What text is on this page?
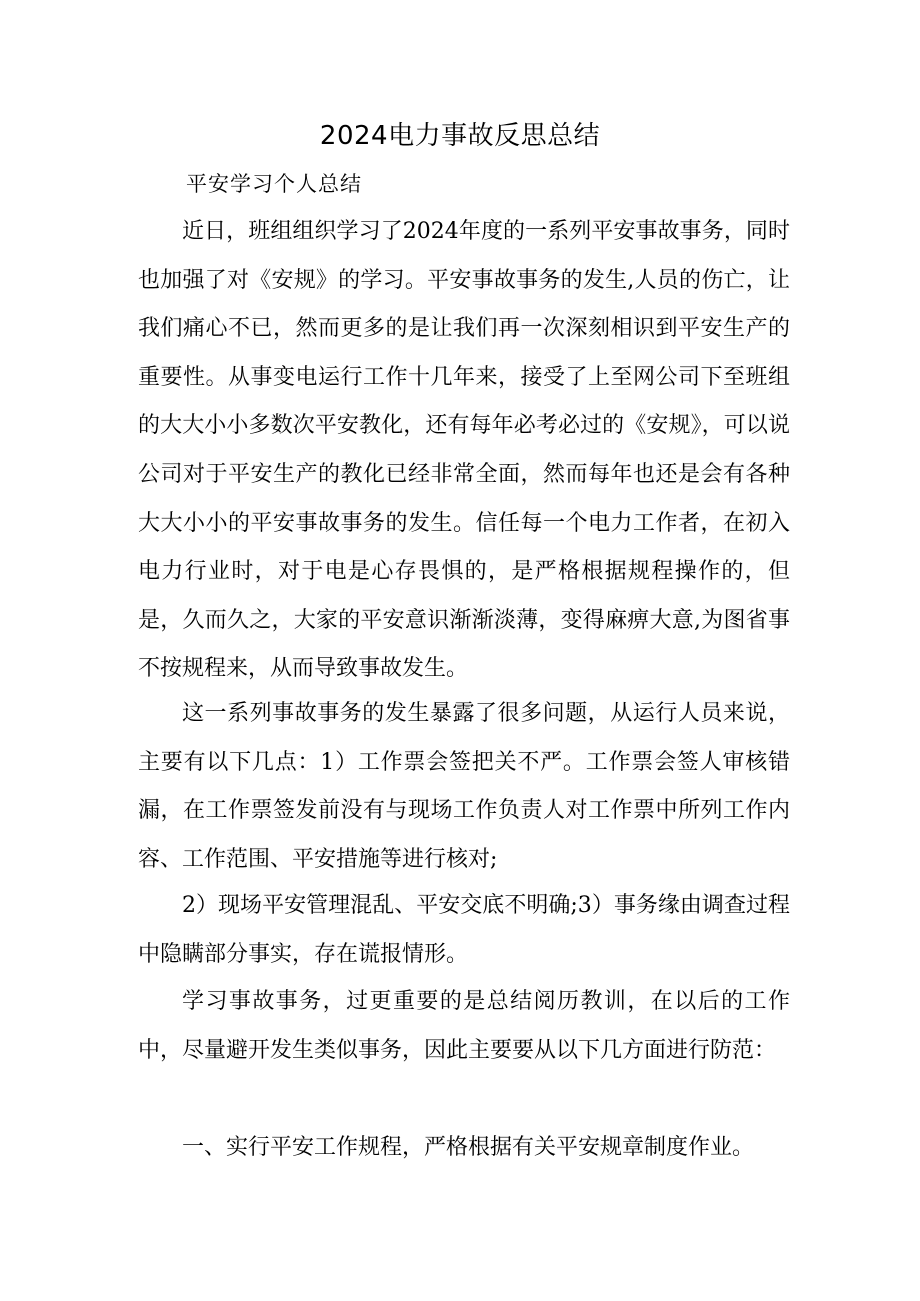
2024电力事故反思总结
平安学习个人总结

近日，班组组织学习了2024年度的一系列平安事故事务，同时也加强了对《安规》的学习。平安事故事务的发生,人员的伤亡，让我们痛心不已，然而更多的是让我们再一次深刻相识到平安生产的重要性。从事变电运行工作十几年来，接受了上至网公司下至班组的大大小小多数次平安教化，还有每年必考必过的《安规》，可以说公司对于平安生产的教化已经非常全面，然而每年也还是会有各种大大小小的平安事故事务的发生。信任每一个电力工作者，在初入电力行业时，对于电是心存畏惧的，是严格根据规程操作的，但是，久而久之，大家的平安意识渐渐淡薄，变得麻痹大意,为图省事不按规程来，从而导致事故发生。

这一系列事故事务的发生暴露了很多问题，从运行人员来说，主要有以下几点：1）工作票会签把关不严。工作票会签人审核错漏，在工作票签发前没有与现场工作负责人对工作票中所列工作内容、工作范围、平安措施等进行核对;

2）现场平安管理混乱、平安交底不明确;3）事务缘由调查过程中隐瞒部分事实，存在谎报情形。

学习事故事务，过更重要的是总结阅历教训，在以后的工作中，尽量避开发生类似事务，因此主要要从以下几方面进行防范：

一、实行平安工作规程，严格根据有关平安规章制度作业。
